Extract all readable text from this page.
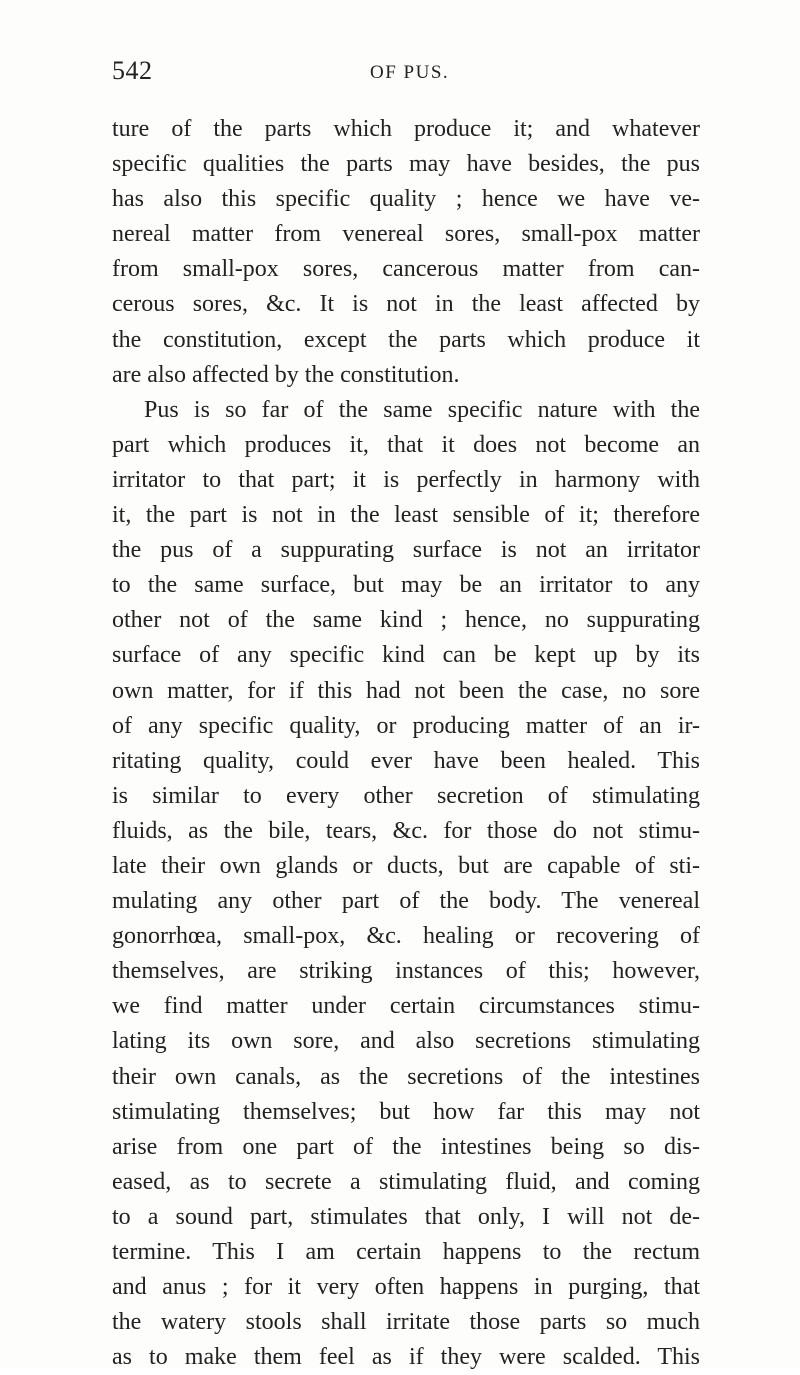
542	OF PUS.
ture of the parts which produce it; and whatever
specific qualities the parts may have besides, the pus
has also this specific quality ; hence we have ve-
nereal matter from venereal sores, small-pox matter
from small-pox sores, cancerous matter from can-
cerous sores, &c. It is not in the least affected by
the constitution, except the parts which produce it
are also affected by the constitution.
Pus is so far of the same specific nature with the
part which produces it, that it does not become an
irritator to that part; it is perfectly in harmony with
it, the part is not in the least sensible of it; therefore
the pus of a suppurating surface is not an irritator
to the same surface, but may be an irritator to any
other not of the same kind ; hence, no suppurating
surface of any specific kind can be kept up by its
own matter, for if this had not been the case, no sore
of any specific quality, or producing matter of an ir-
ritating quality, could ever have been healed. This
is similar to every other secretion of stimulating
fluids, as the bile, tears, &c. for those do not stimu-
late their own glands or ducts, but are capable of sti-
mulating any other part of the body. The venereal
gonorrhœa, small-pox, &c. healing or recovering of
themselves, are striking instances of this; however,
we find matter under certain circumstances stimu-
lating its own sore, and also secretions stimulating
their own canals, as the secretions of the intestines
stimulating themselves; but how far this may not
arise from one part of the intestines being so dis-
eased, as to secrete a stimulating fluid, and coming
to a sound part, stimulates that only, I will not de-
termine. This I am certain happens to the rectum
and anus ; for it very often happens in purging, that
the watery stools shall irritate those parts so much
as to make them feel as if they were scalded. This
